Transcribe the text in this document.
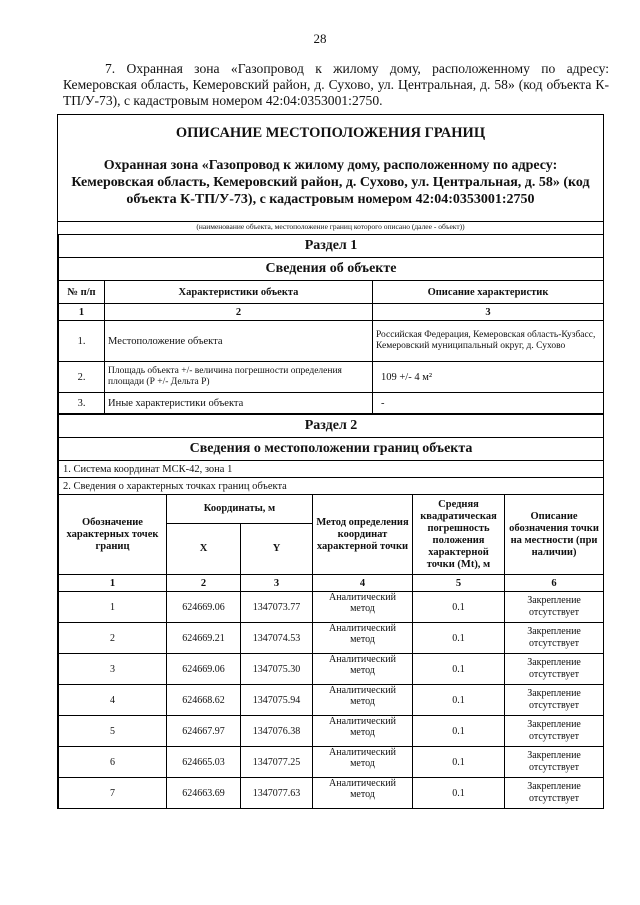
28
7. Охранная зона «Газопровод к жилому дому, расположенному по адресу: Кемеровская область, Кемеровский район, д. Сухово, ул. Центральная, д. 58» (код объекта К-ТП/У-73), с кадастровым номером 42:04:0353001:2750.
ОПИСАНИЕ МЕСТОПОЛОЖЕНИЯ ГРАНИЦ
Охранная зона «Газопровод к жилому дому, расположенному по адресу: Кемеровская область, Кемеровский район, д. Сухово, ул. Центральная, д. 58» (код объекта К-ТП/У-73), с кадастровым номером 42:04:0353001:2750
(наименование объекта, местоположение границ которого описано (далее - объект))
Раздел 1		
Сведения об объекте		
№ п/п	Характеристики объекта	Описание характеристик
1	2	3
1.	Местоположение объекта	Российская Федерация, Кемеровская область-Кузбасс, Кемеровский муниципальный округ, д. Сухово
2.	Площадь объекта +/- величина погрешности определения площади (Р +/- Дельта Р)	109 +/- 4 м²
3.	Иные характеристики объекта	-
Раздел 2					
Сведения о местоположении границ объекта					
1. Система координат МСК-42, зона 1					
2. Сведения о характерных точках границ объекта					
Обозначение характерных точек границ	Координаты, м		Метод определения координат характерной точки	Средняя квадратическая погрешность положения характерной точки (Mt), м	Описание обозначения точки на местности (при наличии)
	X	Y			
1	2	3	4	5	6
1	624669.06	1347073.77	Аналитический метод	0.1	Закрепление отсутствует
2	624669.21	1347074.53	Аналитический метод	0.1	Закрепление отсутствует
3	624669.06	1347075.30	Аналитический метод	0.1	Закрепление отсутствует
4	624668.62	1347075.94	Аналитический метод	0.1	Закрепление отсутствует
5	624667.97	1347076.38	Аналитический метод	0.1	Закрепление отсутствует
6	624665.03	1347077.25	Аналитический метод	0.1	Закрепление отсутствует
7	624663.69	1347077.63	Аналитический метод	0.1	Закрепление отсутствует
